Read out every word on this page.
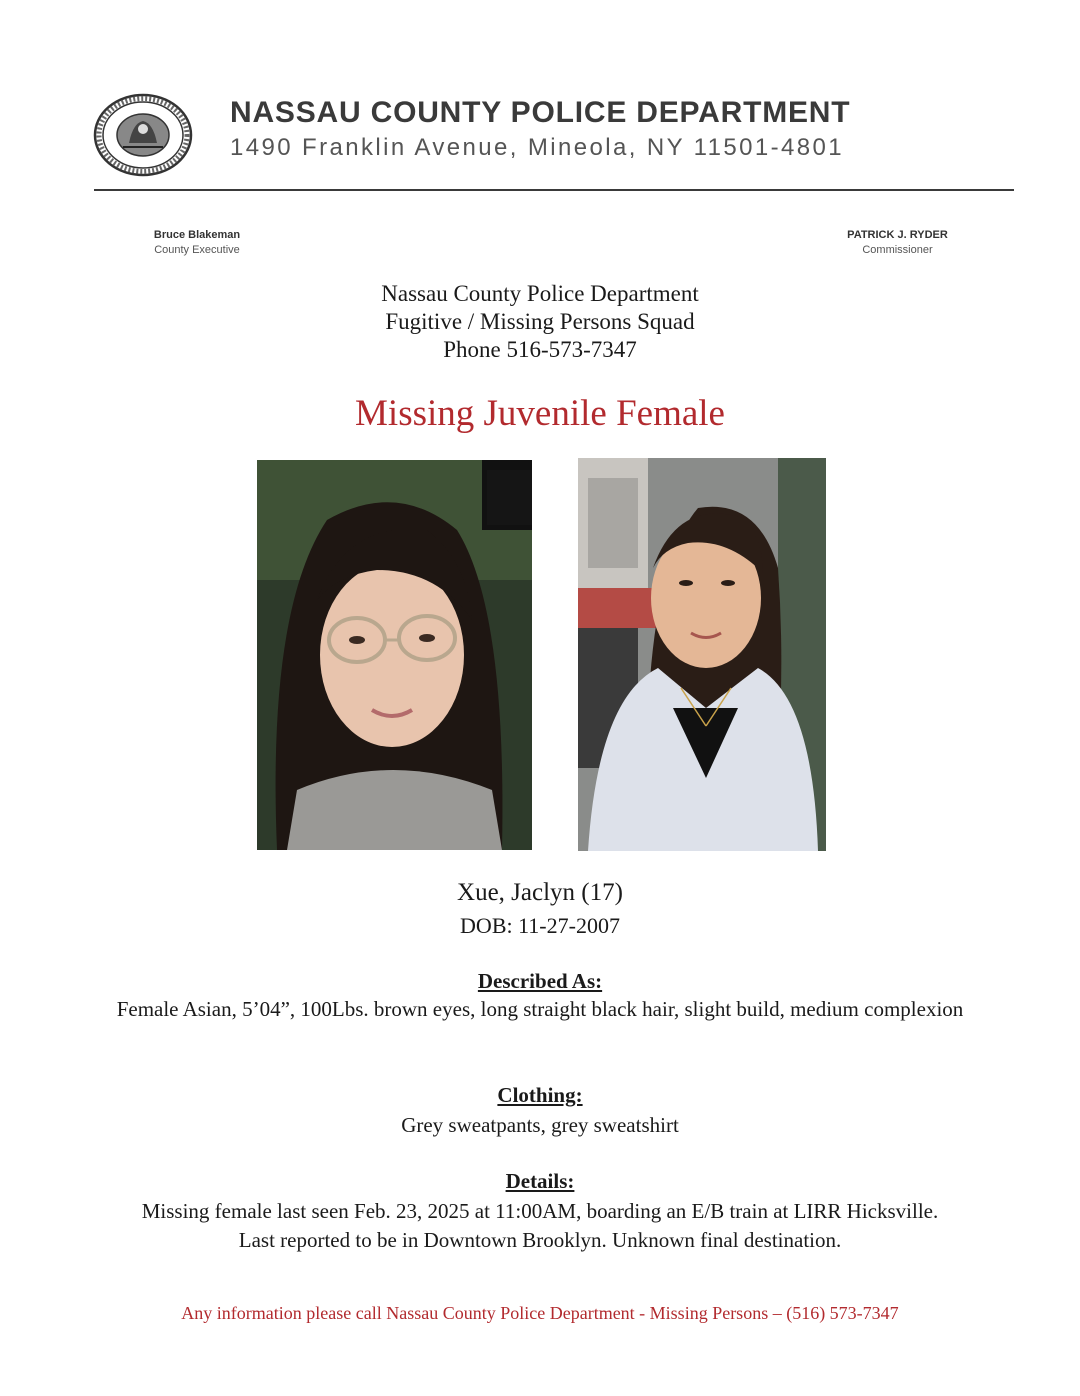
NASSAU COUNTY POLICE DEPARTMENT
1490 Franklin Avenue, Mineola, NY 11501-4801
Bruce Blakeman
County Executive
PATRICK J. RYDER
Commissioner
Nassau County Police Department
Fugitive / Missing Persons Squad
Phone 516-573-7347
Missing Juvenile Female
Xue, Jaclyn (17)
DOB: 11-27-2007
Described As:
Female Asian, 5’04”, 100Lbs. brown eyes, long straight black hair, slight build, medium complexion
Clothing:
Grey sweatpants, grey sweatshirt
Details:
Missing female last seen Feb. 23, 2025 at 11:00AM, boarding an E/B train at LIRR Hicksville.
Last reported to be in Downtown Brooklyn. Unknown final destination.
Any information please call Nassau County Police Department - Missing Persons – (516) 573-7347
